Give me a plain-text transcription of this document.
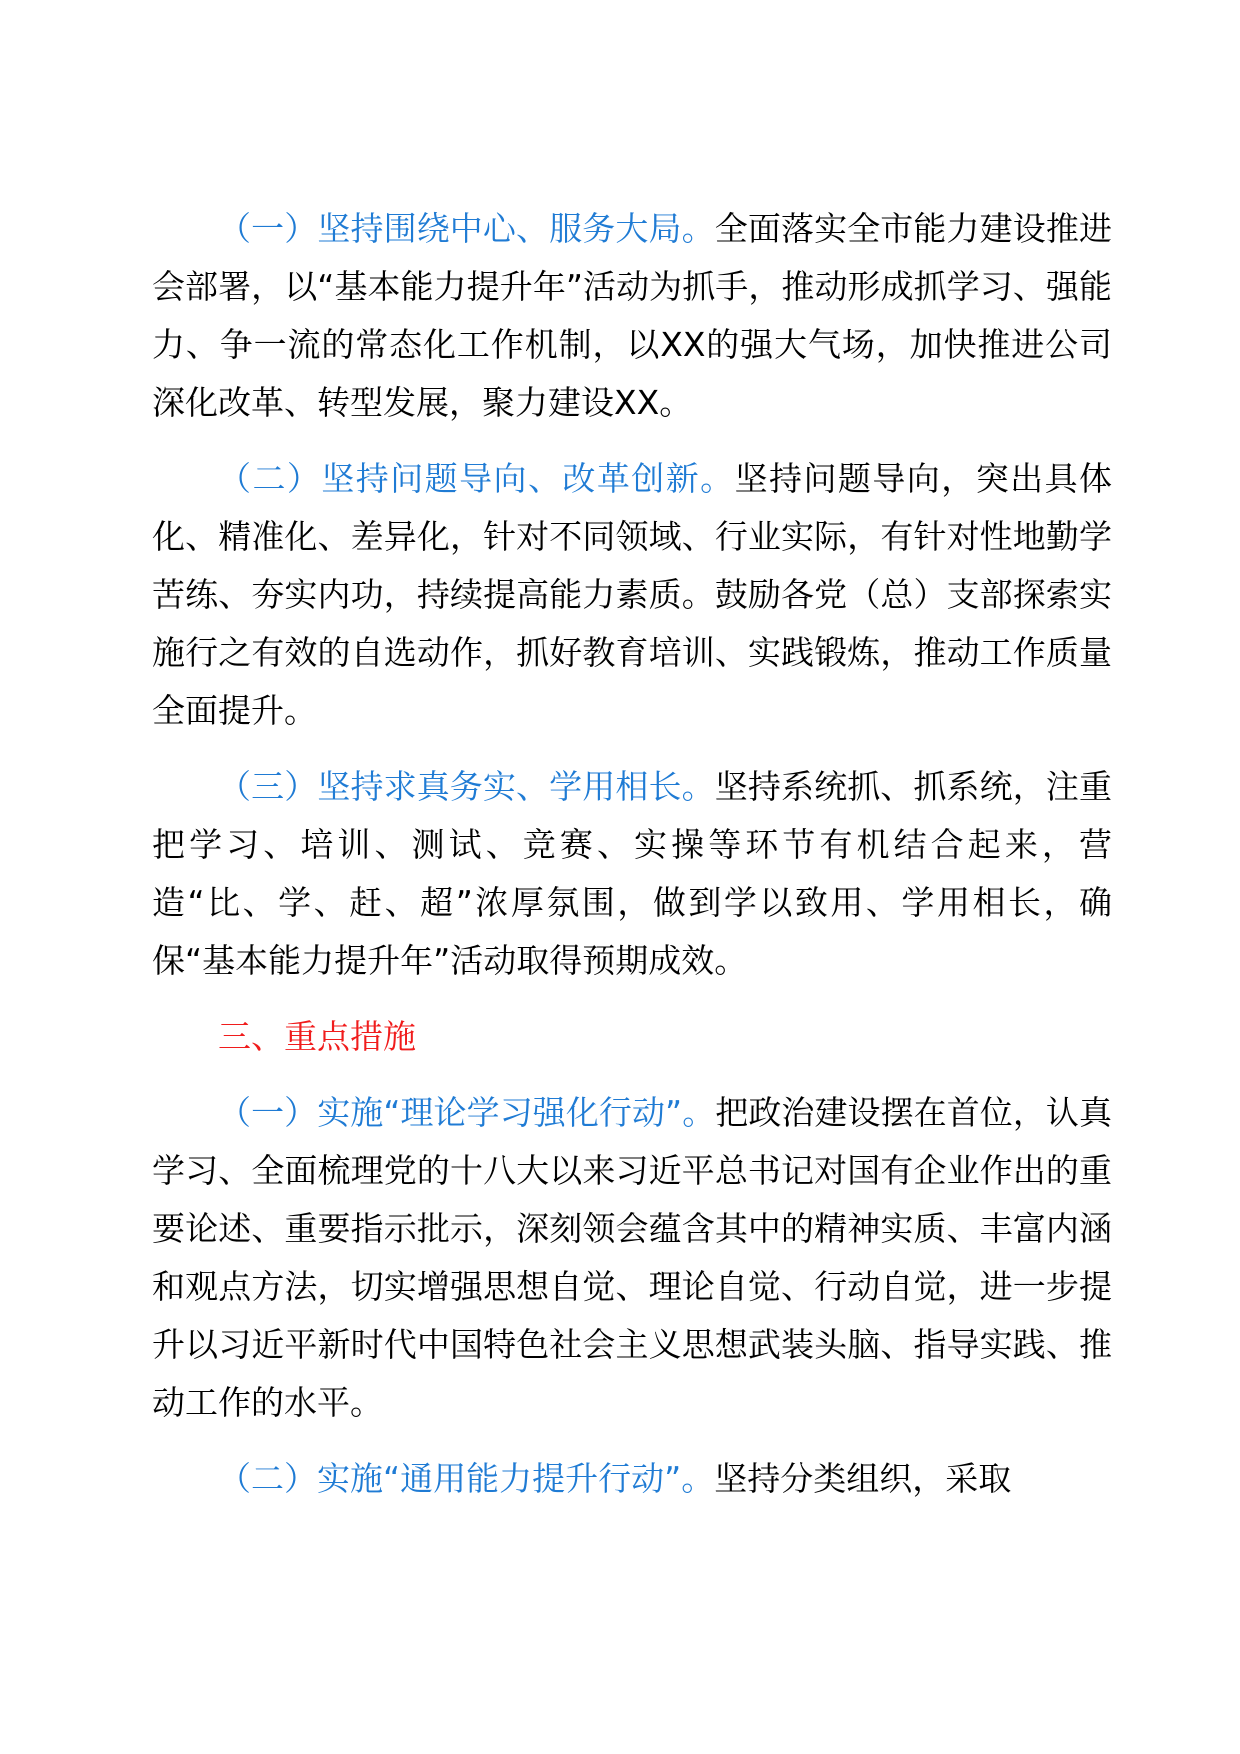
（一）坚持围绕中心、服务大局。全面落实全市能力建设推进会部署，以“基本能力提升年”活动为抓手，推动形成抓学习、强能力、争一流的常态化工作机制，以XX的强大气场，加快推进公司深化改革、转型发展，聚力建设XX。

（二）坚持问题导向、改革创新。坚持问题导向，突出具体化、精准化、差异化，针对不同领域、行业实际，有针对性地勤学苦练、夯实内功，持续提高能力素质。鼓励各党（总）支部探索实施行之有效的自选动作，抓好教育培训、实践锻炼，推动工作质量全面提升。

（三）坚持求真务实、学用相长。坚持系统抓、抓系统，注重把学习、培训、测试、竞赛、实操等环节有机结合起来，营造“比、学、赶、超”浓厚氛围，做到学以致用、学用相长，确保“基本能力提升年”活动取得预期成效。

三、重点措施

（一）实施“理论学习强化行动”。把政治建设摆在首位，认真学习、全面梳理党的十八大以来习近平总书记对国有企业作出的重要论述、重要指示批示，深刻领会蕴含其中的精神实质、丰富内涵和观点方法，切实增强思想自觉、理论自觉、行动自觉，进一步提升以习近平新时代中国特色社会主义思想武装头脑、指导实践、推动工作的水平。

（二）实施“通用能力提升行动”。坚持分类组织，采取
